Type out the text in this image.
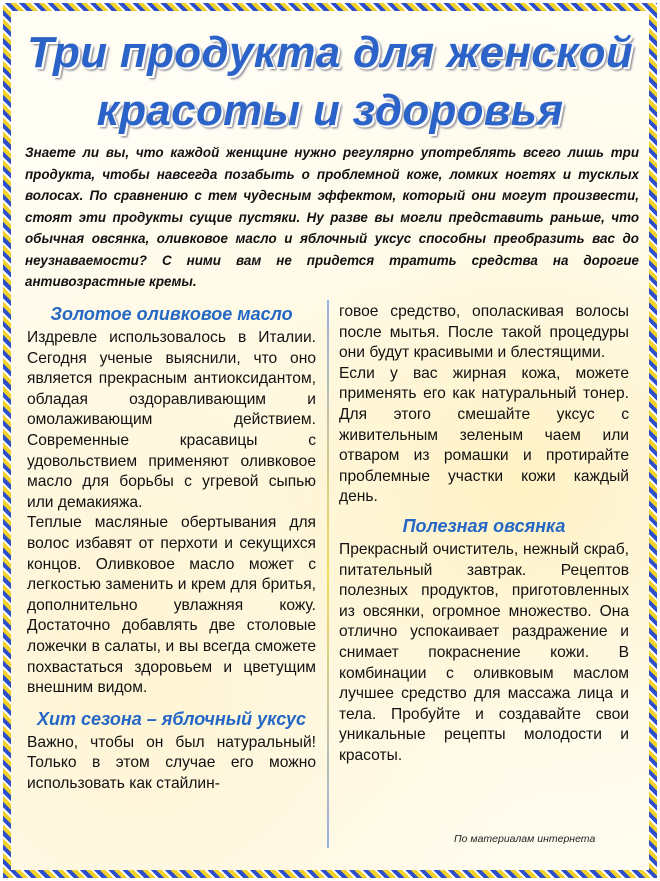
Три продукта для женской
красоты и здоровья
Знаете ли вы, что каждой женщине нужно регулярно употреблять всего лишь три продукта, чтобы навсегда позабыть о проблемной коже, ломких ногтях и тусклых волосах. По сравнению с тем чудесным эффектом, который они могут произвести, стоят эти продукты сущие пустяки. Ну разве вы могли представить раньше, что обычная овсянка, оливковое масло и яблочный уксус способны преобразить вас до неузнаваемости? С ними вам не придется тратить средства на дорогие антивозрастные кремы.
Золотое оливковое масло

Издревле использовалось в Италии. Сегодня ученые выяснили, что оно является прекрасным антиоксидантом, обладая оздоравливающим и омолаживающим действием. Современные красавицы с удовольствием применяют оливковое масло для борьбы с угревой сыпью или демакияжа.

Теплые масляные обертывания для волос избавят от перхоти и секущихся концов. Оливковое масло может с легкостью заменить и крем для бритья, дополнительно увлажняя кожу. Достаточно добавлять две столовые ложечки в салаты, и вы всегда сможете похвастаться здоровьем и цветущим внешним видом.

Хит сезона – яблочный уксус

Важно, чтобы он был натуральный! Только в этом случае его можно использовать как стайлин-

говое средство, ополаскивая волосы после мытья. После такой процедуры они будут красивыми и блестящими.

Если у вас жирная кожа, можете применять его как натуральный тонер. Для этого смешайте уксус с живительным зеленым чаем или отваром из ромашки и протирайте проблемные участки кожи каждый день.

Полезная овсянка

Прекрасный очиститель, нежный скраб, питательный завтрак. Рецептов полезных продуктов, приготовленных из овсянки, огромное множество. Она отлично успокаивает раздражение и снимает покраснение кожи. В комбинации с оливковым маслом лучшее средство для массажа лица и тела. Пробуйте и создавайте свои уникальные рецепты молодости и красоты.

По материалам интернета
